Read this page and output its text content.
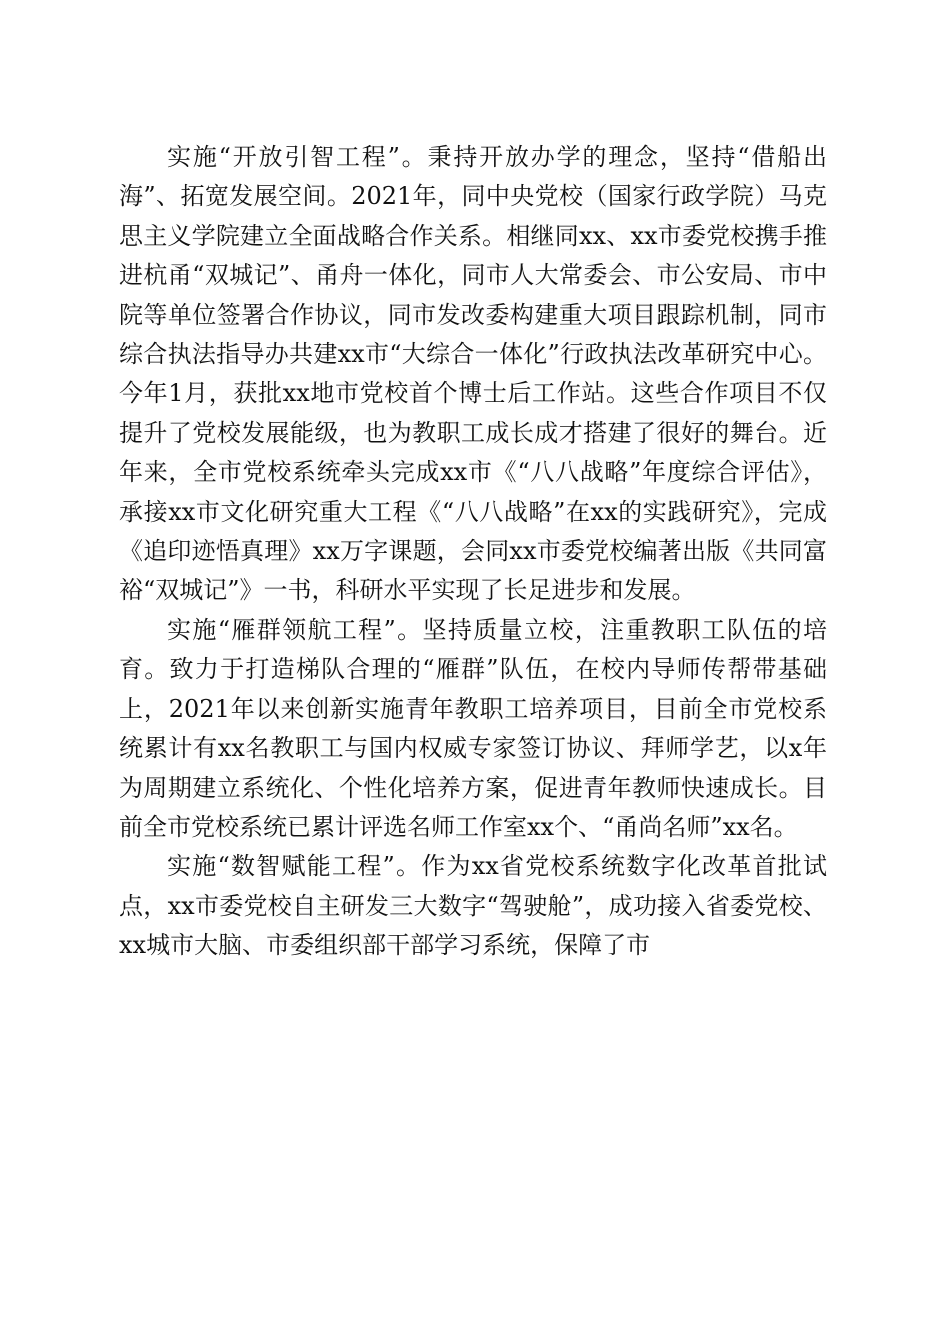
实施“开放引智工程”。秉持开放办学的理念，坚持“借船出海”、拓宽发展空间。2021年，同中央党校（国家行政学院）马克思主义学院建立全面战略合作关系。相继同xx、xx市委党校携手推进杭甬“双城记”、甬舟一体化，同市人大常委会、市公安局、市中院等单位签署合作协议，同市发改委构建重大项目跟踪机制，同市综合执法指导办共建xx市“大综合一体化”行政执法改革研究中心。今年1月，获批xx地市党校首个博士后工作站。这些合作项目不仅提升了党校发展能级，也为教职工成长成才搭建了很好的舞台。近年来，全市党校系统牵头完成xx市《“八八战略”年度综合评估》，承接xx市文化研究重大工程《“八八战略”在xx的实践研究》，完成《追印迹悟真理》xx万字课题，会同xx市委党校编著出版《共同富裕“双城记”》一书，科研水平实现了长足进步和发展。

实施“雁群领航工程”。坚持质量立校，注重教职工队伍的培育。致力于打造梯队合理的“雁群”队伍，在校内导师传帮带基础上，2021年以来创新实施青年教职工培养项目，目前全市党校系统累计有xx名教职工与国内权威专家签订协议、拜师学艺，以x年为周期建立系统化、个性化培养方案，促进青年教师快速成长。目前全市党校系统已累计评选名师工作室xx个、“甬尚名师”xx名。

实施“数智赋能工程”。作为xx省党校系统数字化改革首批试点，xx市委党校自主研发三大数字“驾驶舱”，成功接入省委党校、xx城市大脑、市委组织部干部学习系统，保障了市
